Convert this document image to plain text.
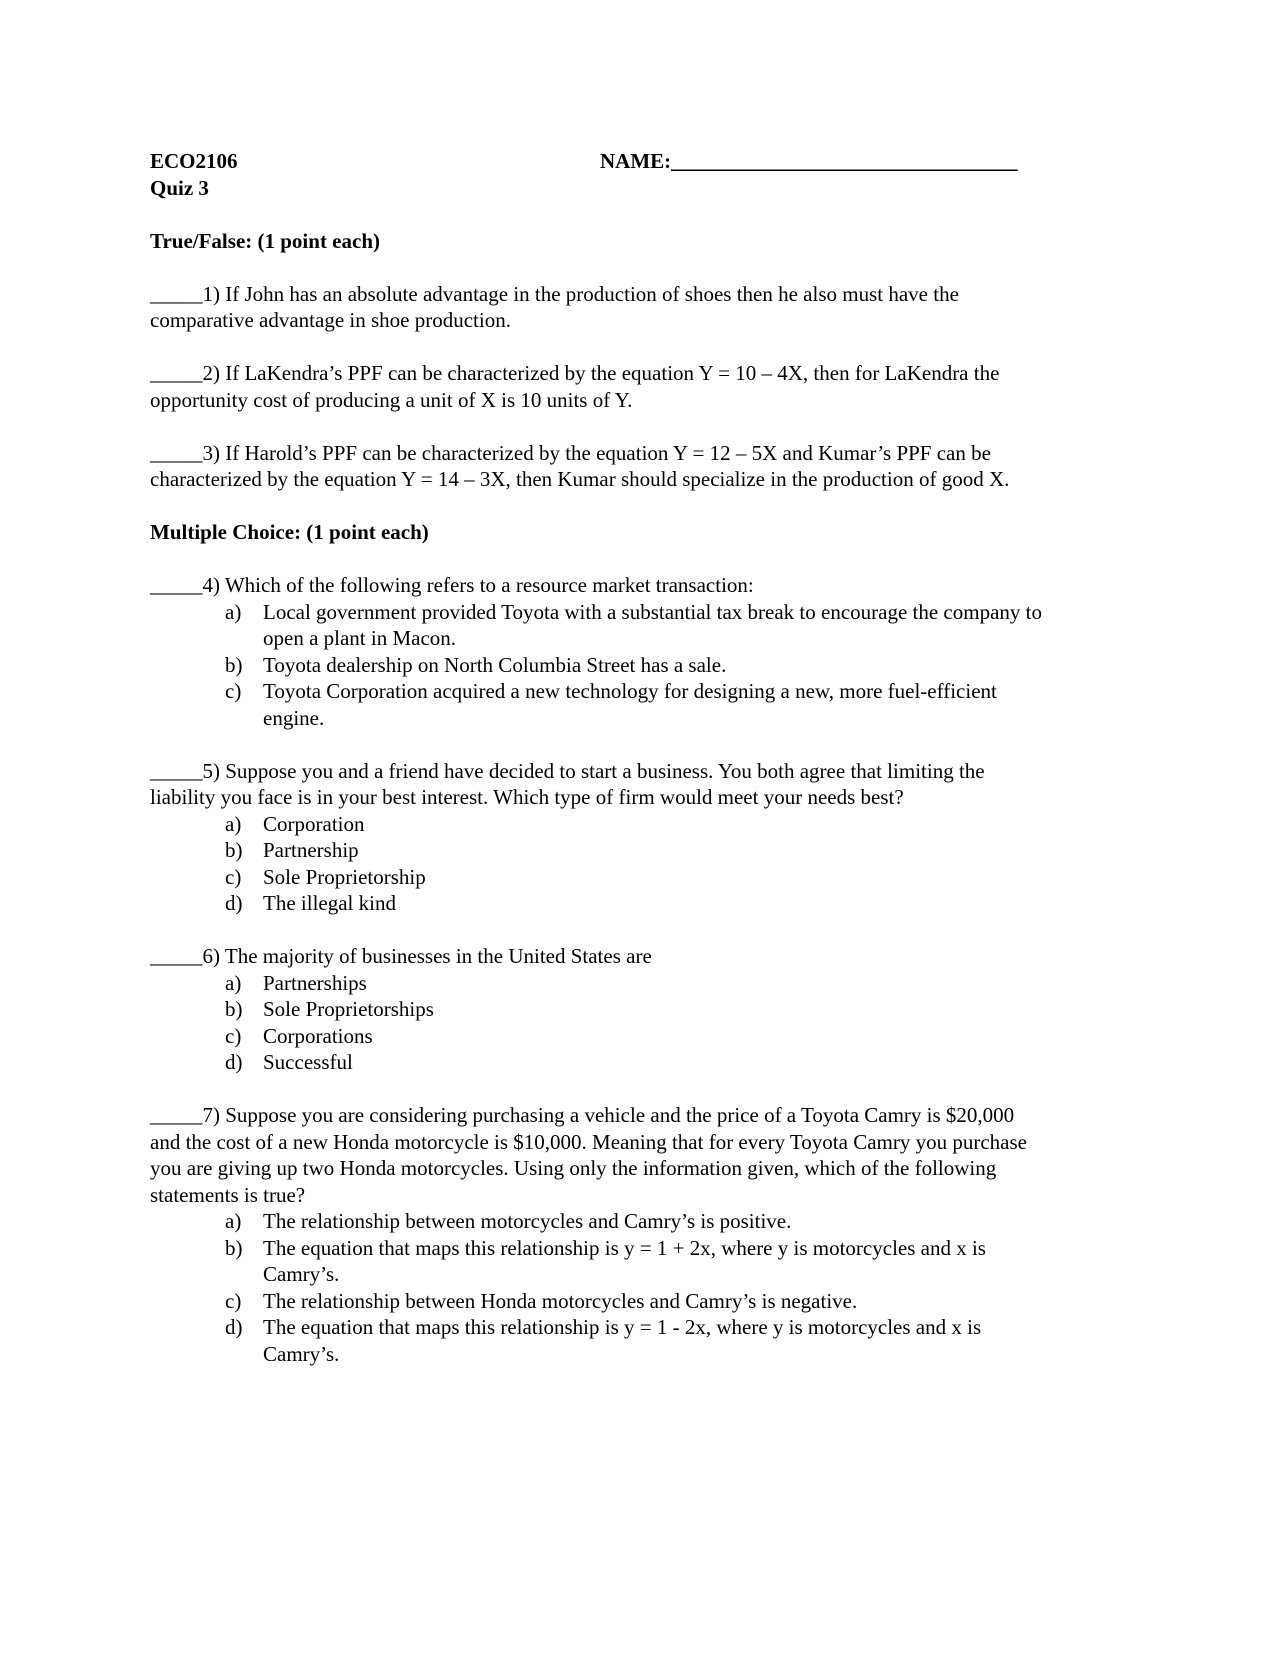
ECO2106	NAME:_________________________________
Quiz 3
True/False: (1 point each)

_____1) If John has an absolute advantage in the production of shoes then he also must have the

comparative advantage in shoe production.

_____2) If LaKendra’s PPF can be characterized by the equation Y = 10 – 4X, then for LaKendra the

opportunity cost of producing a unit of X is 10 units of Y.

_____3) If Harold’s PPF can be characterized by the equation Y = 12 – 5X and Kumar’s PPF can be

characterized by the equation Y = 14 – 3X, then Kumar should specialize in the production of good X.

Multiple Choice: (1 point each)

_____4) Which of the following refers to a resource market transaction:

a) Local government provided Toyota with a substantial tax break to encourage the company to
open a plant in Macon.
b) Toyota dealership on North Columbia Street has a sale.
c) Toyota Corporation acquired a new technology for designing a new, more fuel-efficient
engine.

_____5) Suppose you and a friend have decided to start a business. You both agree that limiting the

liability you face is in your best interest. Which type of firm would meet your needs best?

a) Corporation
b) Partnership
c) Sole Proprietorship
d) The illegal kind

_____6) The majority of businesses in the United States are

a) Partnerships
b) Sole Proprietorships
c) Corporations
d) Successful

_____7) Suppose you are considering purchasing a vehicle and the price of a Toyota Camry is $20,000

and the cost of a new Honda motorcycle is $10,000. Meaning that for every Toyota Camry you purchase

you are giving up two Honda motorcycles. Using only the information given, which of the following

statements is true?

a) The relationship between motorcycles and Camry’s is positive.
b) The equation that maps this relationship is y = 1 + 2x, where y is motorcycles and x is
Camry’s.
c) The relationship between Honda motorcycles and Camry’s is negative.
d) The equation that maps this relationship is y = 1 - 2x, where y is motorcycles and x is
Camry’s.
